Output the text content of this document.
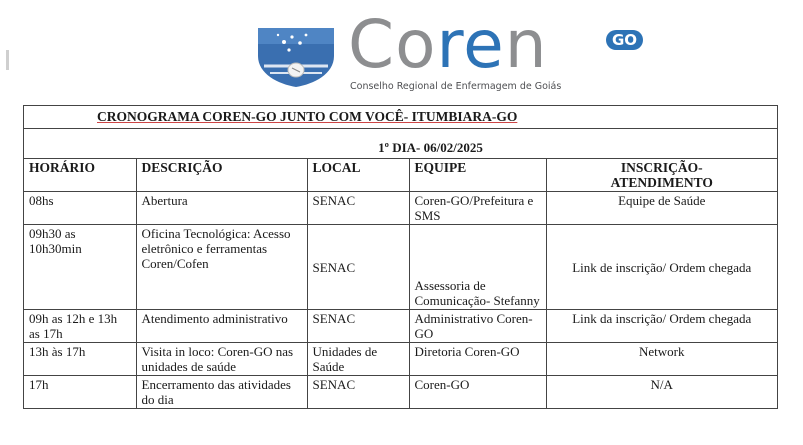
Coren	GO
Conselho Regional de Enfermagem de Goiás
CRONOGRAMA COREN-GO JUNTO COM VOCÊ- ITUMBIARA-GO
1º DIA- 06/02/2025
HORÁRIO	DESCRIÇÃO	LOCAL	EQUIPE	INSCRIÇÃO-
ATENDIMENTO
08hs	Abertura	SENAC	Coren-GO/Prefeitura e SMS	Equipe de Saúde
09h30 as 10h30min	Oficina Tecnológica: Acesso eletrônico e ferramentas Coren/Cofen	SENAC	Assessoria de Comunicação- Stefanny	Link de inscrição/ Ordem chegada
09h as 12h e 13h as 17h	Atendimento administrativo	SENAC	Administrativo Coren-GO	Link da inscrição/ Ordem chegada
13h às 17h	Visita in loco: Coren-GO nas unidades de saúde	Unidades de Saúde	Diretoria Coren-GO	Network
17h	Encerramento das atividades do dia	SENAC	Coren-GO	N/A
